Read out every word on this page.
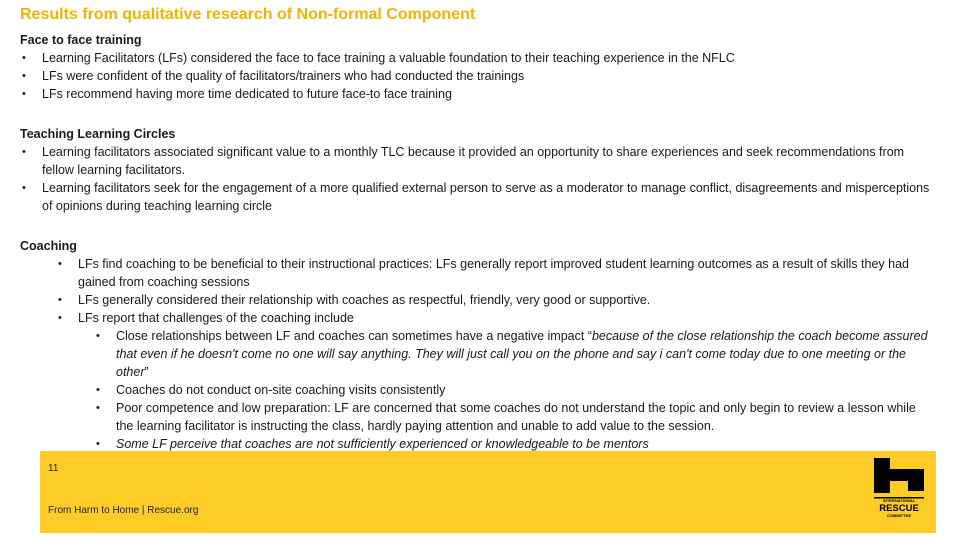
Results from qualitative research of Non-formal Component
11
From Harm to Home | Rescue.org
INTERNATIONAL
RESCUE
COMMITTEE
Face to face training
• Learning Facilitators (LFs) considered the face to face training a valuable foundation to their teaching experience in the NFLC
• LFs were confident of the quality of facilitators/trainers who had conducted the trainings
• LFs recommend having more time dedicated to future face-to face training
Teaching Learning Circles
• Learning facilitators associated significant value to a monthly TLC because it provided an opportunity to share experiences and seek recommendations from fellow learning facilitators.
• Learning facilitators seek for the engagement of a more qualified external person to serve as a moderator to manage conflict, disagreements and misperceptions of opinions during teaching learning circle
Coaching
• LFs find coaching to be beneficial to their instructional practices: LFs generally report improved student learning outcomes as a result of skills they had gained from coaching sessions
• LFs generally considered their relationship with coaches as respectful, friendly, very good or supportive.
• LFs report that challenges of the coaching include
• Close relationships between LF and coaches can sometimes have a negative impact “because of the close relationship the coach become assured that even if he doesn't come no one will say anything. They will just call you on the phone and say i can't come today due to one meeting or the other”
• Coaches do not conduct on-site coaching visits consistently
• Poor competence and low preparation: LF are concerned that some coaches do not understand the topic and only begin to review a lesson while the learning facilitator is instructing the class, hardly paying attention and unable to add value to the session.
• Some LF perceive that coaches are not sufficiently experienced or knowledgeable to be mentors
